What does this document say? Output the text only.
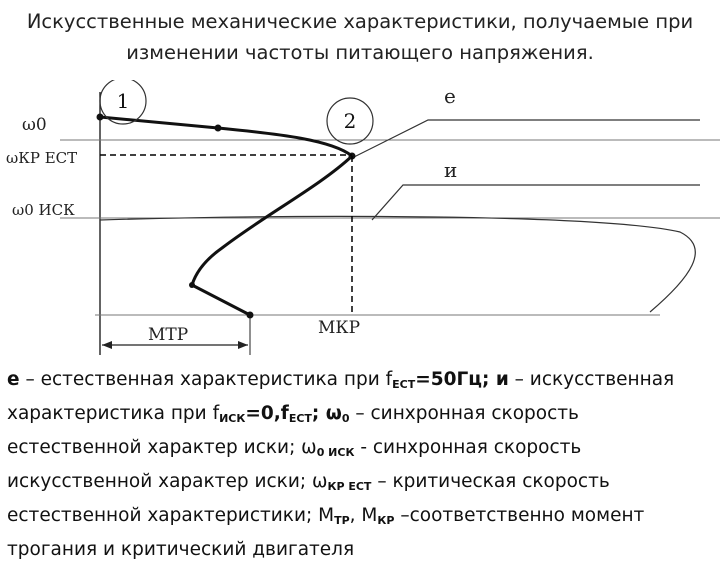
Искусственные механические характеристики, получаемые при
изменении частоты питающего напряжения.
1
2
ω0
ωКР ЕСТ
ω0 ИСК
MТР	MКР
e
и
е – естественная характеристика при $f_{ЕСТ}=50Гц$; и – искусственная
характеристика при $f_{ИСК}=0,f_{ЕСТ}$; $\omega_0$ – синхронная скорость
естественной характер иски; $\omega_{0 ИСК}$ - синхронная скорость
искусственной характер иски; $\omega_{КР ЕСТ}$ – критическая скорость
естественной характеристики; $M_{ТР}$, $M_{КР}$ –соответственно момент
трогания и критический двигателя
